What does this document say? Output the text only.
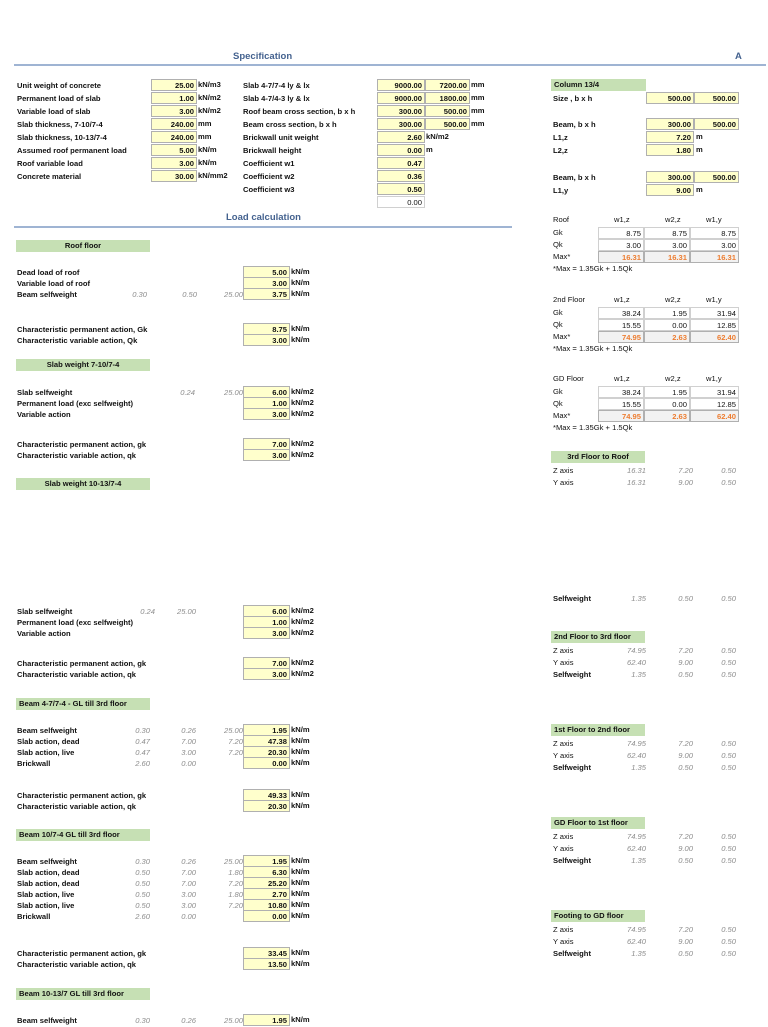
Specification	A
Load calculation
Unit weight of concrete	25.00 kN/m3
Permanent load of slab	1.00 kN/m2
Variable load of slab	3.00 kN/m2
Slab thickness, 7-10/7-4	240.00 mm
Slab thickness, 10-13/7-4	240.00 mm
Assumed roof permanent load	5.00 kN/m
Roof variable load	3.00 kN/m
Concrete material	30.00 kN/mm2
Slab 4-7/7-4 ly & lx	9000.00	7200.00 mm
Slab 4-7/4-3 ly & lx	9000.00	1800.00 mm
Roof beam cross section, b x h	300.00	500.00 mm
Beam cross section, b x h	300.00	500.00 mm
Brickwall unit weight	2.60 kN/m2
Brickwall height	0.00 m
Coefficient w1	0.47
Coefficient w2	0.36
Coefficient w3	0.50
0.00
Column 13/4
Size , b x h	500.00	500.00
Beam, b x h	300.00	500.00
L1,z	7.20 m
L2,z	1.80 m
Beam, b x h	300.00	500.00
L1,y	9.00 m
Roof	w1,z	w2,z	w1,y
Gk	8.75	8.75	8.75
Qk	3.00	3.00	3.00
Max*	16.31	16.31	16.31
*Max = 1.35Gk + 1.5Qk
2nd Floor	w1,z	w2,z	w1,y
Gk	38.24	1.95	31.94
Qk	15.55	0.00	12.85
Max*	74.95	2.63	62.40
*Max = 1.35Gk + 1.5Qk
GD Floor	w1,z	w2,z	w1,y
Gk	38.24	1.95	31.94
Qk	15.55	0.00	12.85
Max*	74.95	2.63	62.40
*Max = 1.35Gk + 1.5Qk
Roof floor
Dead load of roof	5.00 kN/m
Variable load of roof	3.00 kN/m
Beam selfweight	0.30	0.50	25.00	3.75 kN/m
Characteristic permanent action, Gk	8.75 kN/m
Characteristic variable action, Qk	3.00 kN/m
Slab weight 7-10/7-4
Slab selfweight	0.24	25.00	6.00 kN/m2
Permanent load (exc selfweight)	1.00 kN/m2
Variable action	3.00 kN/m2
Characteristic permanent action, gk	7.00 kN/m2
Characteristic variable action, qk	3.00 kN/m2
Slab weight 10-13/7-4
Slab selfweight	0.24	25.00	6.00 kN/m2
Permanent load (exc selfweight)	1.00 kN/m2
Variable action	3.00 kN/m2
Characteristic permanent action, gk	7.00 kN/m2
Characteristic variable action, qk	3.00 kN/m2
Beam 4-7/7-4 - GL till 3rd floor
Beam selfweight	0.30	0.26	25.00	1.95 kN/m
Slab action, dead	0.47	7.00	7.20	47.38 kN/m
Slab action, live	0.47	3.00	7.20	20.30 kN/m
Brickwall	2.60	0.00	0.00 kN/m
Characteristic permanent action, gk	49.33 kN/m
Characteristic variable action, qk	20.30 kN/m
Beam 10/7-4 GL till 3rd floor
Beam selfweight	0.30	0.26	25.00	1.95 kN/m
Slab action, dead	0.50	7.00	1.80	6.30 kN/m
Slab action, dead	0.50	7.00	7.20	25.20 kN/m
Slab action, live	0.50	3.00	1.80	2.70 kN/m
Slab action, live	0.50	3.00	7.20	10.80 kN/m
Brickwall	2.60	0.00	0.00 kN/m
Characteristic permanent action, gk	33.45 kN/m
Characteristic variable action, qk	13.50 kN/m
Beam 10-13/7 GL till 3rd floor
Beam selfweight	0.30	0.26	25.00	1.95 kN/m
3rd Floor to Roof
Z axis	16.31	7.20	0.50
Y axis	16.31	9.00	0.50
Selfweight	1.35	0.50	0.50
2nd Floor to 3rd floor
Z axis	74.95	7.20	0.50
Y axis	62.40	9.00	0.50
Selfweight	1.35	0.50	0.50
1st Floor to 2nd floor
Z axis	74.95	7.20	0.50
Y axis	62.40	9.00	0.50
Selfweight	1.35	0.50	0.50
GD Floor to 1st floor
Z axis	74.95	7.20	0.50
Y axis	62.40	9.00	0.50
Selfweight	1.35	0.50	0.50
Footing to GD floor
Z axis	74.95	7.20	0.50
Y axis	62.40	9.00	0.50
Selfweight	1.35	0.50	0.50
